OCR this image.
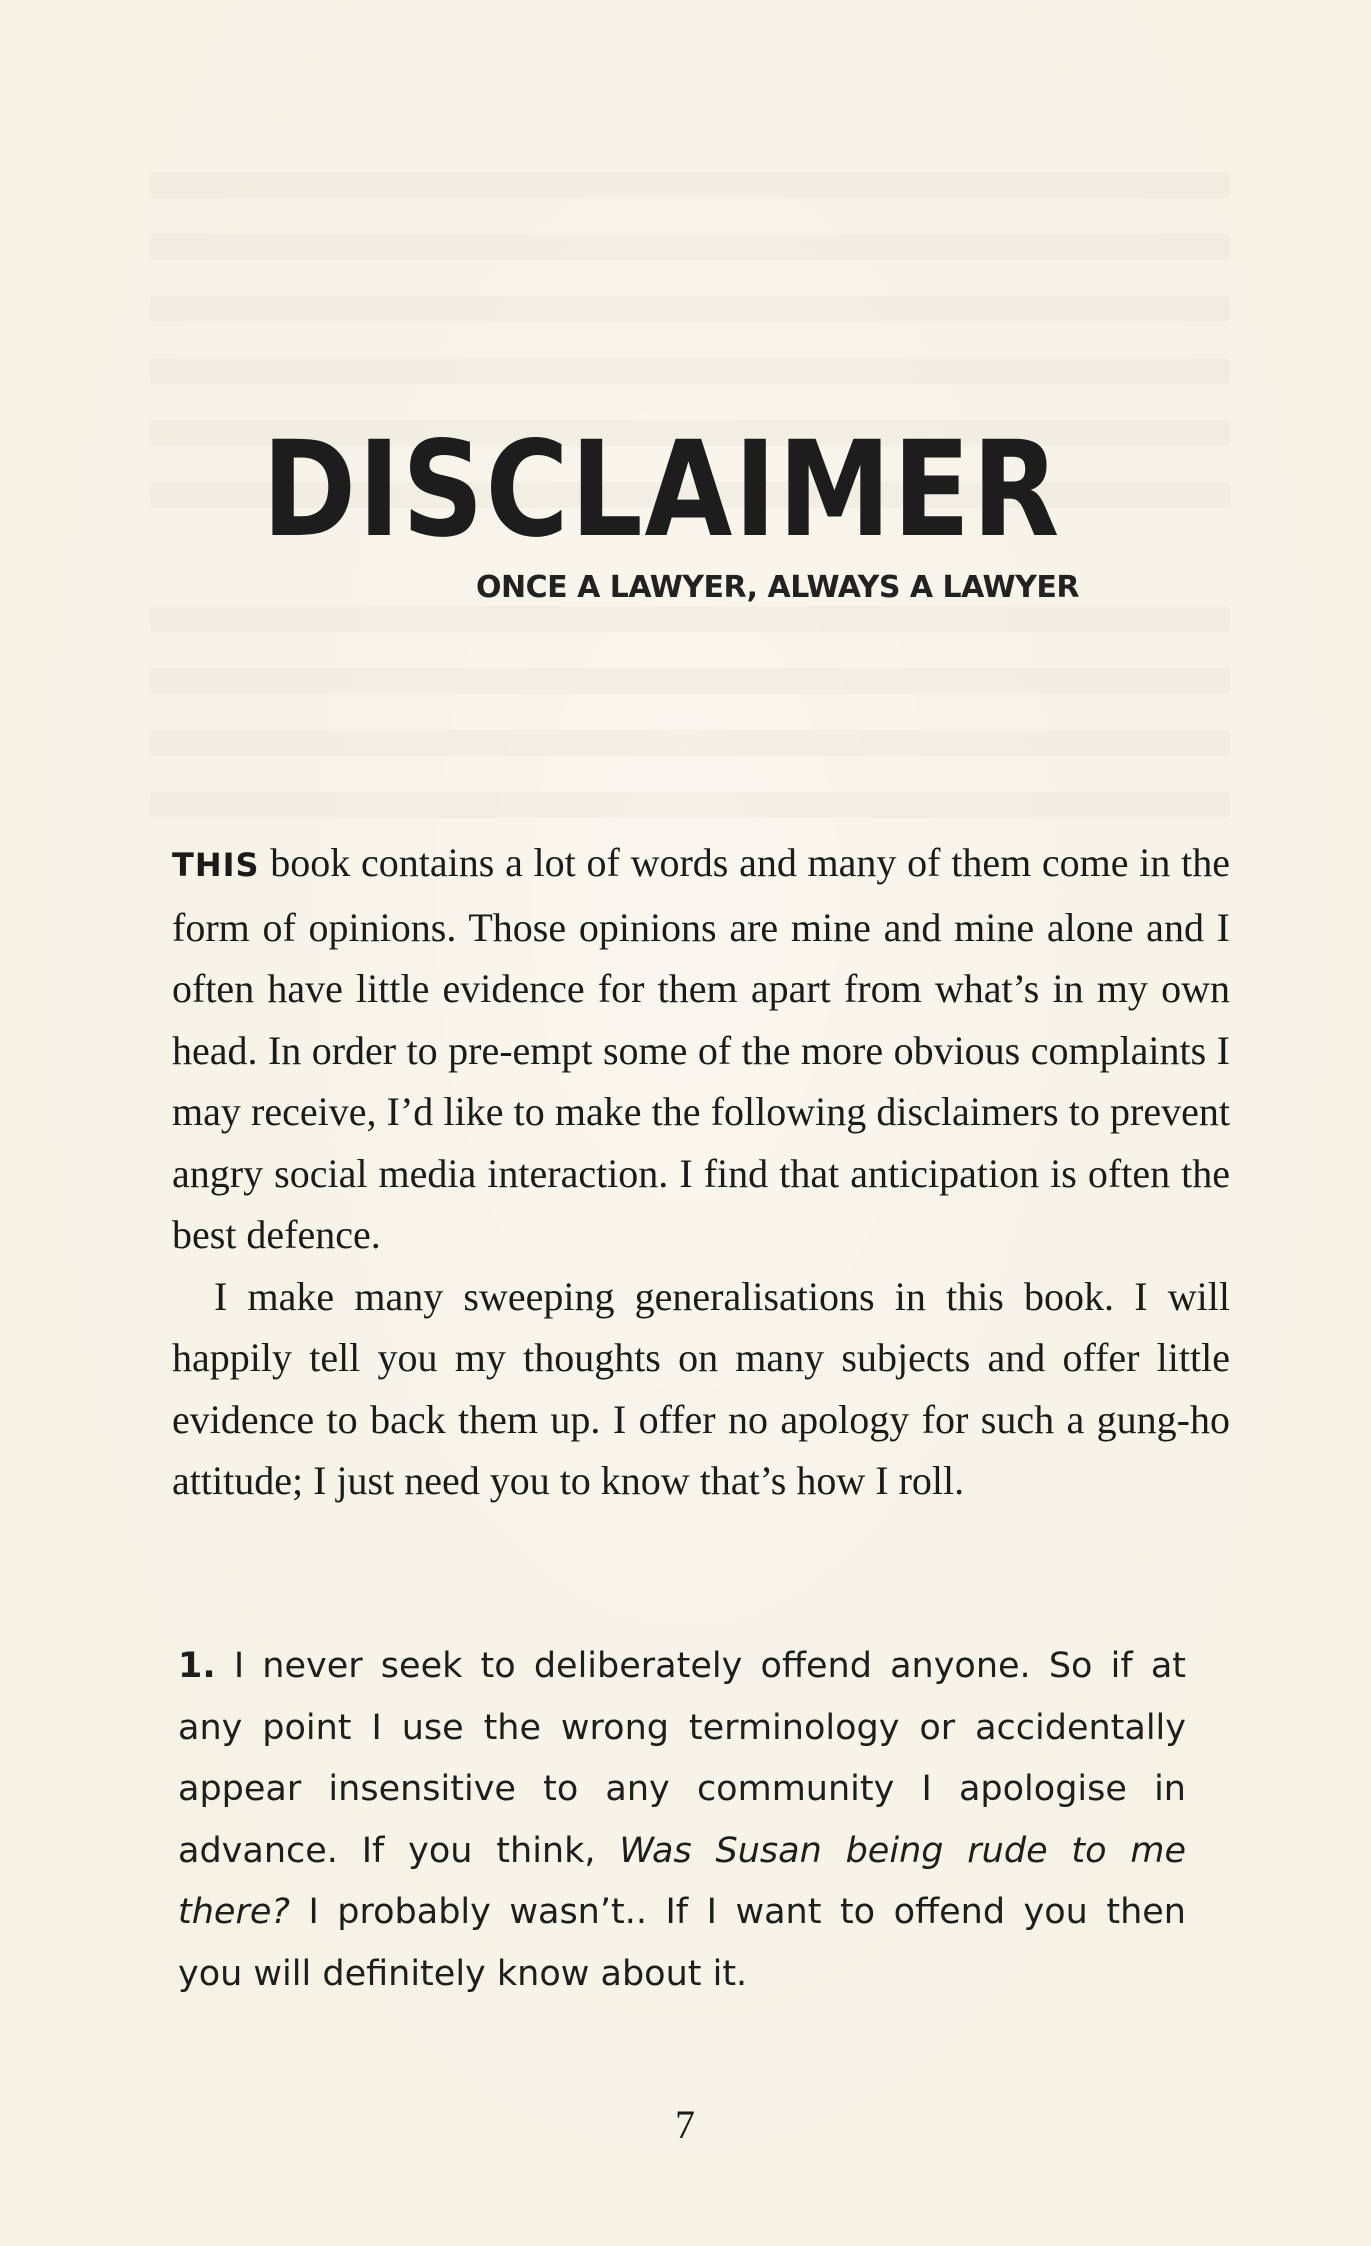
DISCLAIMER
ONCE A LAWYER, ALWAYS A LAWYER

THIS book contains a lot of words and many of them come in the form of opinions. Those opinions are mine and mine alone and I often have little evidence for them apart from what’s in my own head. In order to pre-empt some of the more obvious complaints I may receive, I’d like to make the following disclaimers to prevent angry social media interaction. I find that anticipation is often the best defence.

I make many sweeping generalisations in this book. I will happily tell you my thoughts on many subjects and offer little evidence to back them up. I offer no apology for such a gung-ho attitude; I just need you to know that’s how I roll.

1. I never seek to deliberately offend anyone. So if at any point I use the wrong terminology or accidentally appear insensitive to any community I apologise in advance. If you think, Was Susan being rude to me there? I probably wasn’t.. If I want to offend you then you will definitely know about it.
7
